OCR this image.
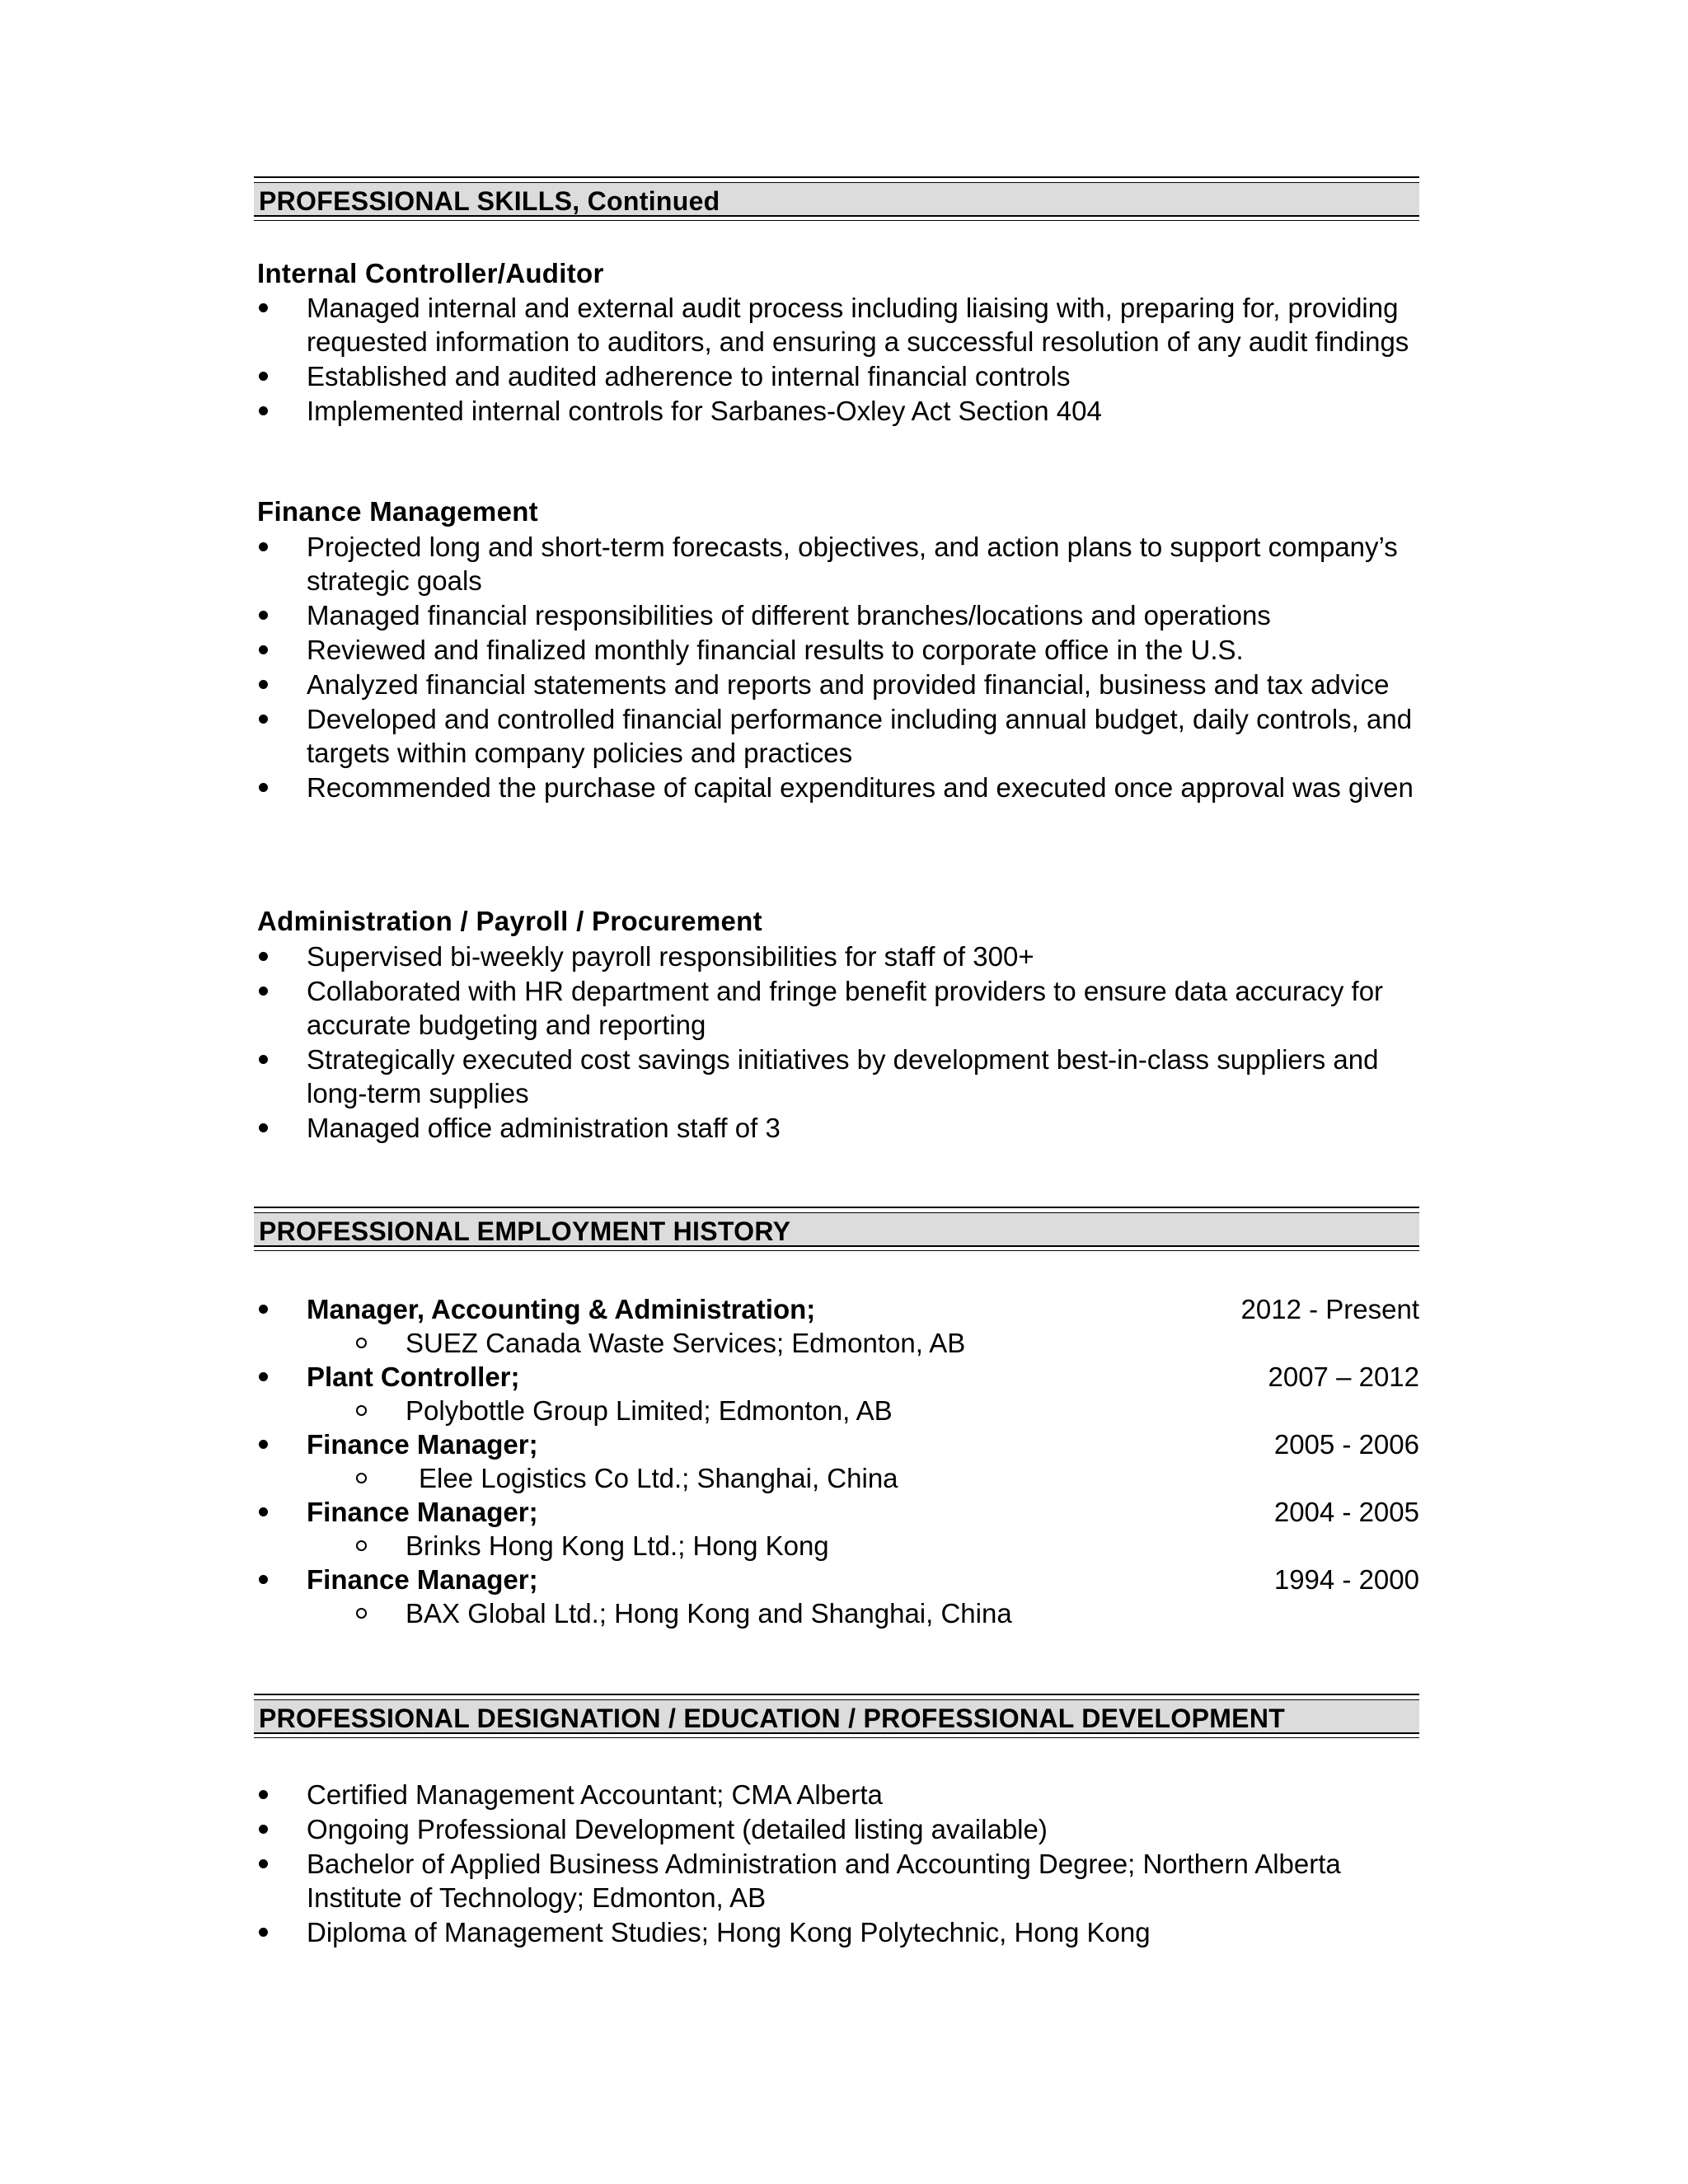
PROFESSIONAL SKILLS, Continued
Internal Controller/Auditor
Managed internal and external audit process including liaising with, preparing for, providing requested information to auditors, and ensuring a successful resolution of any audit findings
Established and audited adherence to internal financial controls
Implemented internal controls for Sarbanes-Oxley Act Section 404
Finance Management
Projected long and short-term forecasts, objectives, and action plans to support company’s strategic goals
Managed financial responsibilities of different branches/locations and operations
Reviewed and finalized monthly financial results to corporate office in the U.S.
Analyzed financial statements and reports and provided financial, business and tax advice
Developed and controlled financial performance including annual budget, daily controls, and targets within company policies and practices
Recommended the purchase of capital expenditures and executed once approval was given
Administration / Payroll / Procurement
Supervised bi-weekly payroll responsibilities for staff of 300+
Collaborated with HR department and fringe benefit providers to ensure data accuracy for accurate budgeting and reporting
Strategically executed cost savings initiatives by development best-in-class suppliers and long-term supplies
Managed office administration staff of 3
PROFESSIONAL EMPLOYMENT HISTORY
Manager, Accounting & Administration;	2012 - Present
SUEZ Canada Waste Services; Edmonton, AB
Plant Controller;	2007 – 2012
Polybottle Group Limited; Edmonton, AB
Finance Manager;	2005 - 2006
Elee Logistics Co Ltd.; Shanghai, China
Finance Manager;	2004 - 2005
Brinks Hong Kong Ltd.; Hong Kong
Finance Manager;	1994 - 2000
BAX Global Ltd.; Hong Kong and Shanghai, China
PROFESSIONAL DESIGNATION / EDUCATION / PROFESSIONAL DEVELOPMENT
Certified Management Accountant; CMA Alberta
Ongoing Professional Development (detailed listing available)
Bachelor of Applied Business Administration and Accounting Degree; Northern Alberta Institute of Technology; Edmonton, AB
Diploma of Management Studies; Hong Kong Polytechnic, Hong Kong
